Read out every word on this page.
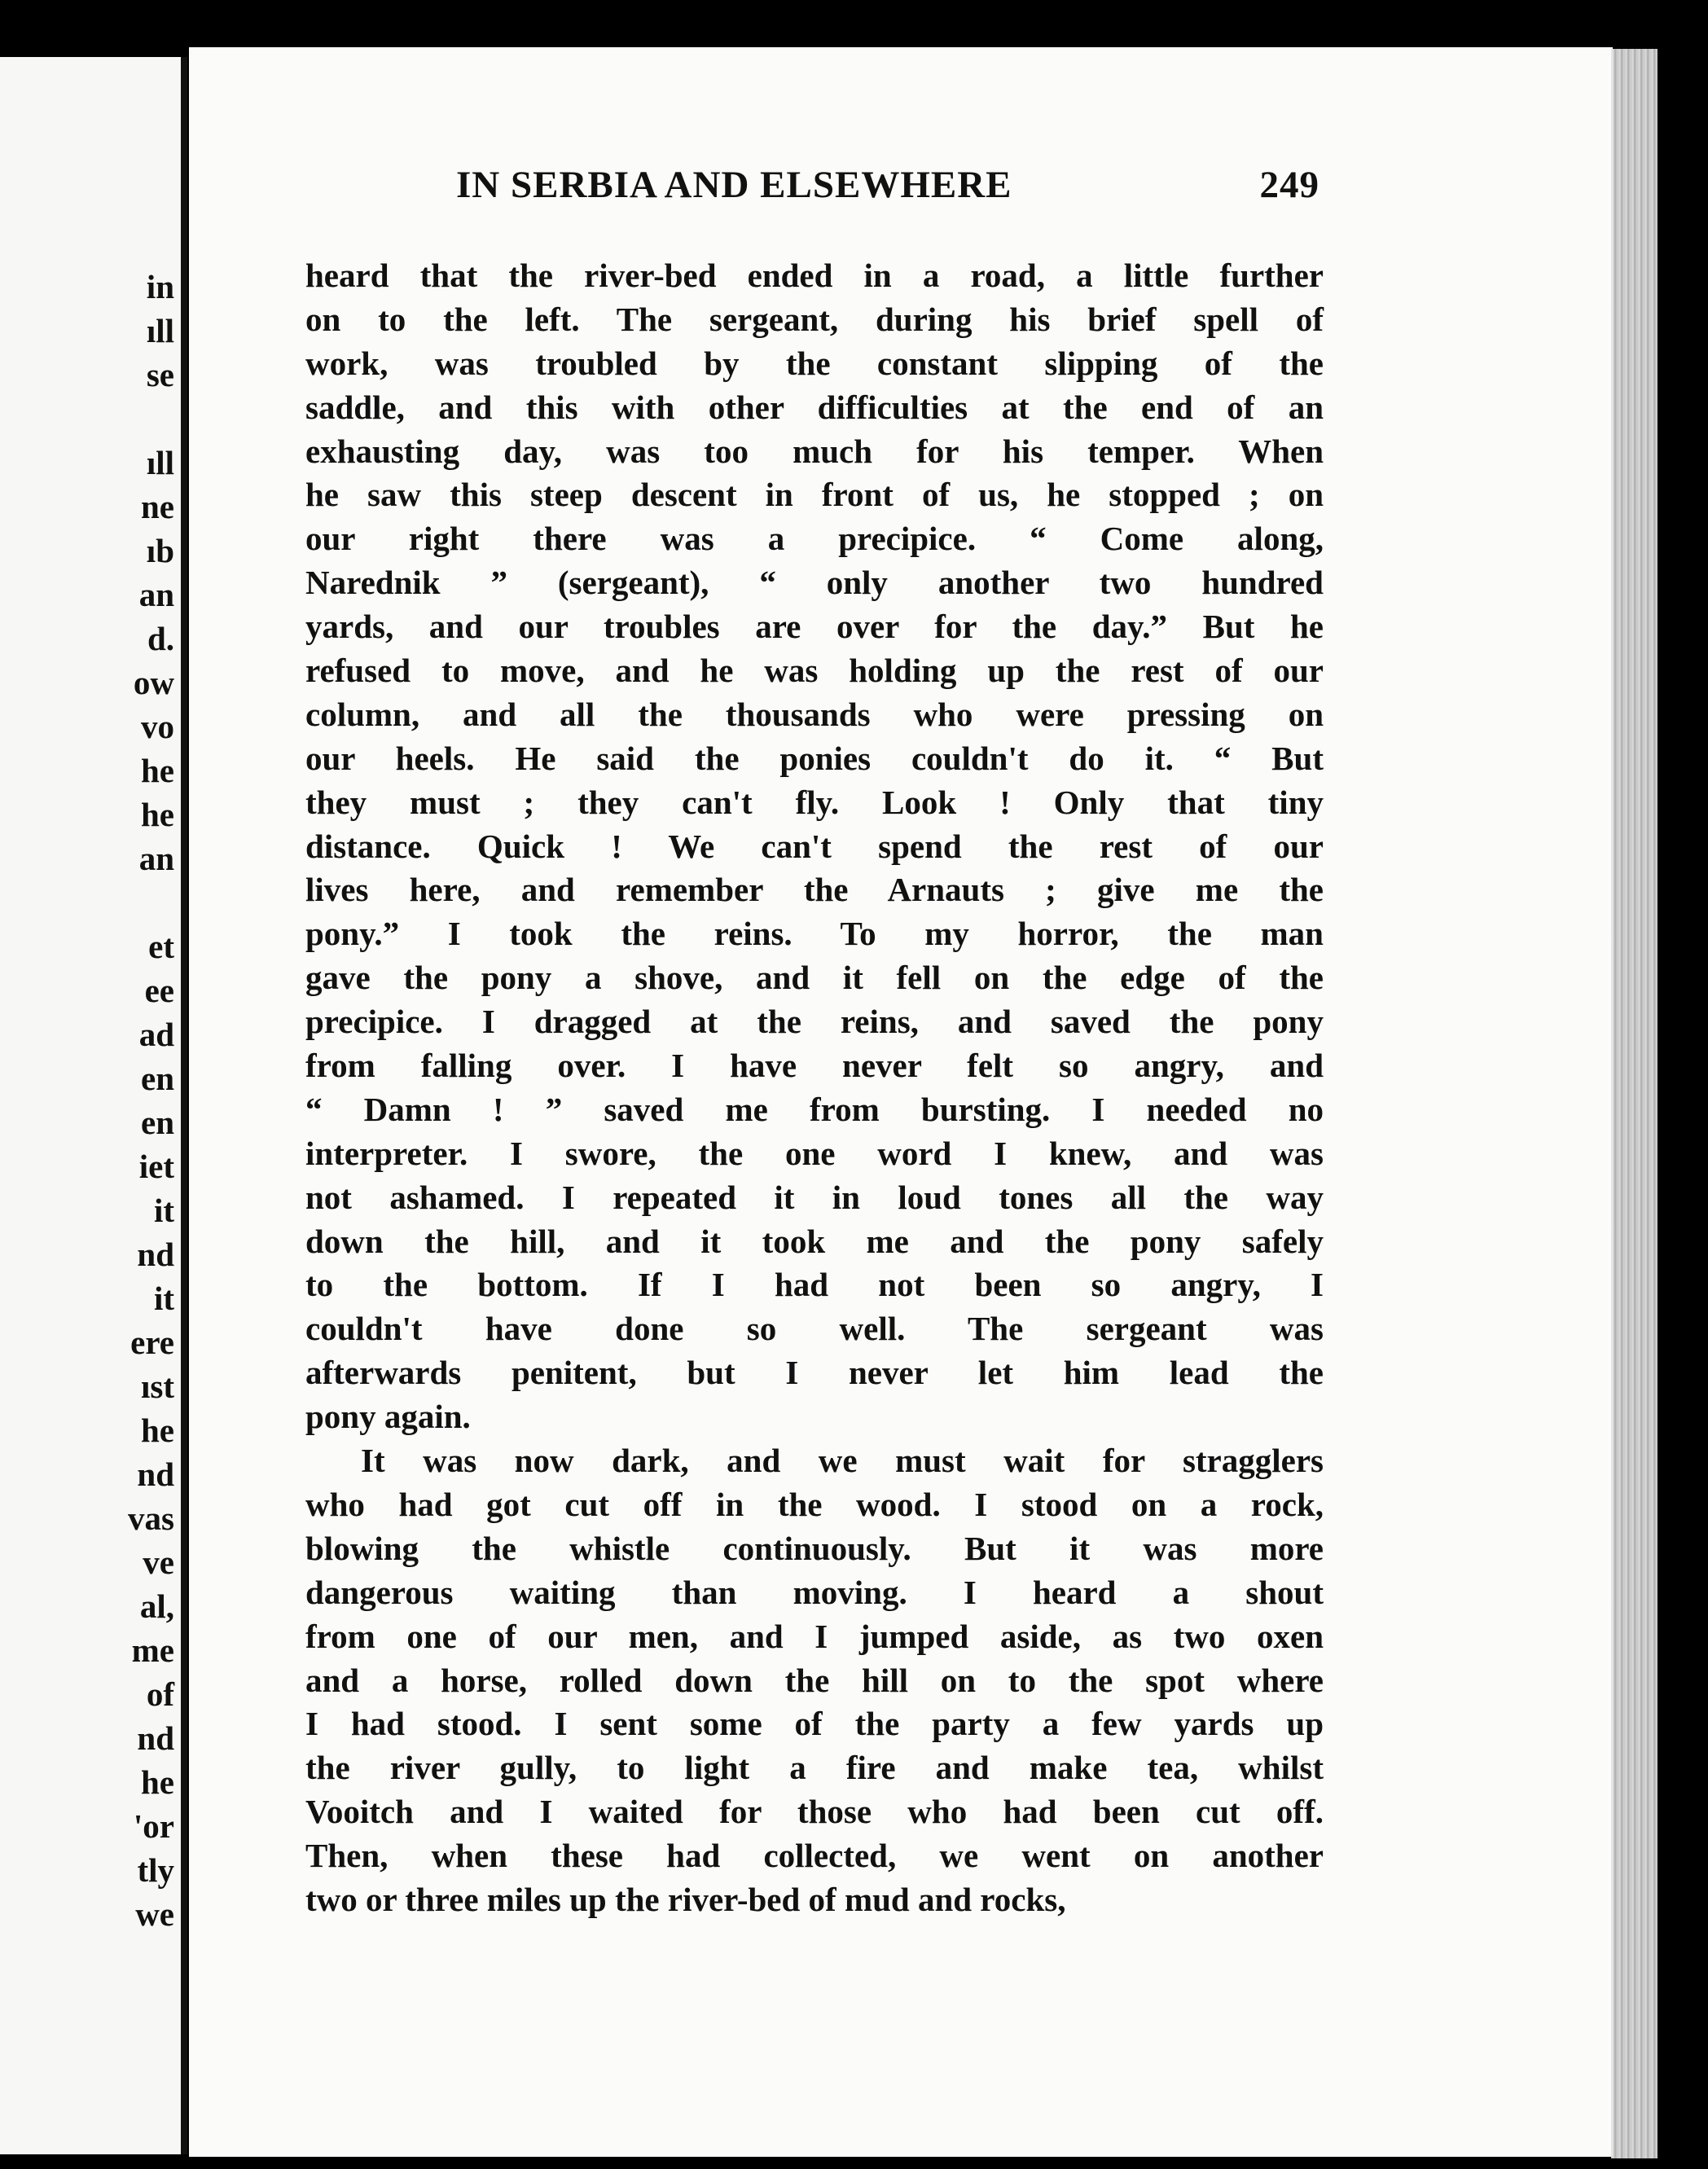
in
ıll
se
ıll
ne
ıb
an
d.
ow
vo
he
he
an
et
ee
ad
en
en
iet
it
nd
it
ere
ıst
he
nd
vas
ve
al,
me
of
nd
he
'or
tly
we
IN SERBIA AND ELSEWHERE	249
heard that the river-bed ended in a road, a little further
on to the left. The sergeant, during his brief spell of
work, was troubled by the constant slipping of the
saddle, and this with other difficulties at the end of an
exhausting day, was too much for his temper. When
he saw this steep descent in front of us, he stopped ; on
our right there was a precipice. “ Come along,
Narednik ” (sergeant), “ only another two hundred
yards, and our troubles are over for the day.” But he
refused to move, and he was holding up the rest of our
column, and all the thousands who were pressing on
our heels. He said the ponies couldn't do it. “ But
they must ; they can't fly. Look ! Only that tiny
distance. Quick ! We can't spend the rest of our
lives here, and remember the Arnauts ; give me the
pony.” I took the reins. To my horror, the man
gave the pony a shove, and it fell on the edge of the
precipice. I dragged at the reins, and saved the pony
from falling over. I have never felt so angry, and
“ Damn ! ” saved me from bursting. I needed no
interpreter. I swore, the one word I knew, and was
not ashamed. I repeated it in loud tones all the way
down the hill, and it took me and the pony safely
to the bottom. If I had not been so angry, I
couldn't have done so well. The sergeant was
afterwards penitent, but I never let him lead the
pony again.
It was now dark, and we must wait for stragglers
who had got cut off in the wood. I stood on a rock,
blowing the whistle continuously. But it was more
dangerous waiting than moving. I heard a shout
from one of our men, and I jumped aside, as two oxen
and a horse, rolled down the hill on to the spot where
I had stood. I sent some of the party a few yards up
the river gully, to light a fire and make tea, whilst
Vooitch and I waited for those who had been cut off.
Then, when these had collected, we went on another
two or three miles up the river-bed of mud and rocks,
